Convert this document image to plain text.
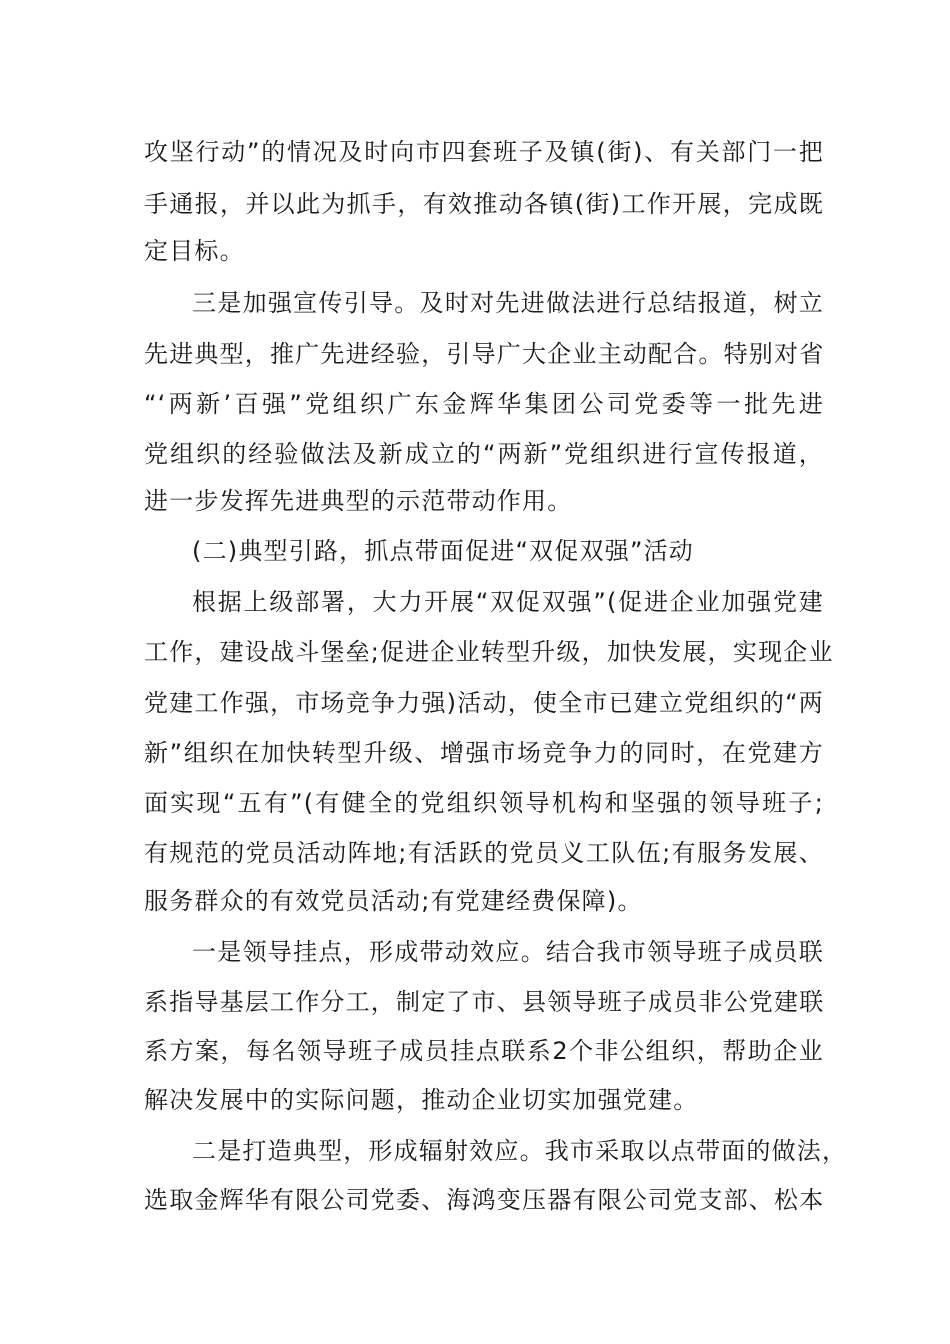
攻坚行动”的情况及时向市四套班子及镇(街)、有关部门一把
手通报，并以此为抓手，有效推动各镇(街)工作开展，完成既
定目标。
三是加强宣传引导。及时对先进做法进行总结报道，树立
先进典型，推广先进经验，引导广大企业主动配合。特别对省
“‘两新’百强”党组织广东金辉华集团公司党委等一批先进
党组织的经验做法及新成立的“两新”党组织进行宣传报道，
进一步发挥先进典型的示范带动作用。
(二)典型引路，抓点带面促进“双促双强”活动
根据上级部署，大力开展“双促双强”(促进企业加强党建
工作，建设战斗堡垒;促进企业转型升级，加快发展，实现企业
党建工作强，市场竞争力强)活动，使全市已建立党组织的“两
新”组织在加快转型升级、增强市场竞争力的同时，在党建方
面实现“五有”(有健全的党组织领导机构和坚强的领导班子;
有规范的党员活动阵地;有活跃的党员义工队伍;有服务发展、
服务群众的有效党员活动;有党建经费保障)。
一是领导挂点，形成带动效应。结合我市领导班子成员联
系指导基层工作分工，制定了市、县领导班子成员非公党建联
系方案，每名领导班子成员挂点联系2个非公组织，帮助企业
解决发展中的实际问题，推动企业切实加强党建。
二是打造典型，形成辐射效应。我市采取以点带面的做法，
选取金辉华有限公司党委、海鸿变压器有限公司党支部、松本
